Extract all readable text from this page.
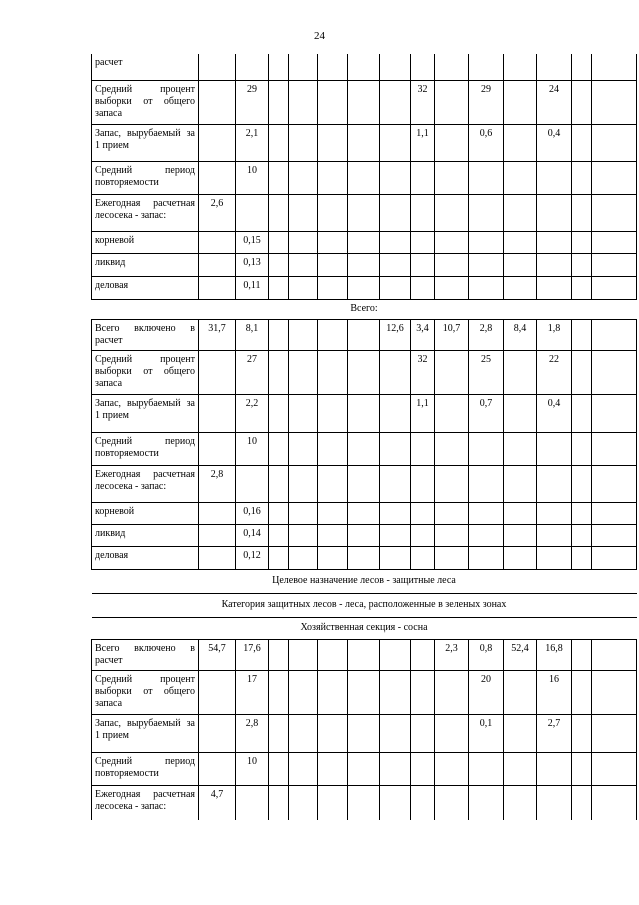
24
расчет														
Средний процент выборки от общего запаса		29						32		29		24		
Запас, вырубаемый за 1 прием		2,1						1,1		0,6		0,4		
Средний период повторяемости		10												
Ежегодная расчетная лесосека - запас:	2,6													
корневой		0,15												
ликвид		0,13												
деловая		0,11												
Всего:														
Всего включено в расчет	31,7	8,1					12,6	3,4	10,7	2,8	8,4	1,8		
Средний процент выборки от общего запаса		27						32		25		22		
Запас, вырубаемый за 1 прием		2,2						1,1		0,7		0,4		
Средний период повторяемости		10												
Ежегодная расчетная лесосека - запас:	2,8													
корневой		0,16												
ликвид		0,14												
деловая		0,12												
Целевое назначение лесов - защитные леса														
Категория защитных лесов - леса, расположенные в зеленых зонах														
Хозяйственная секция - сосна														
Всего включено в расчет	54,7	17,6							2,3	0,8	52,4	16,8		
Средний процент выборки от общего запаса		17								20		16		
Запас, вырубаемый за 1 прием		2,8								0,1		2,7		
Средний период повторяемости		10												
Ежегодная расчетная лесосека - запас:	4,7													
